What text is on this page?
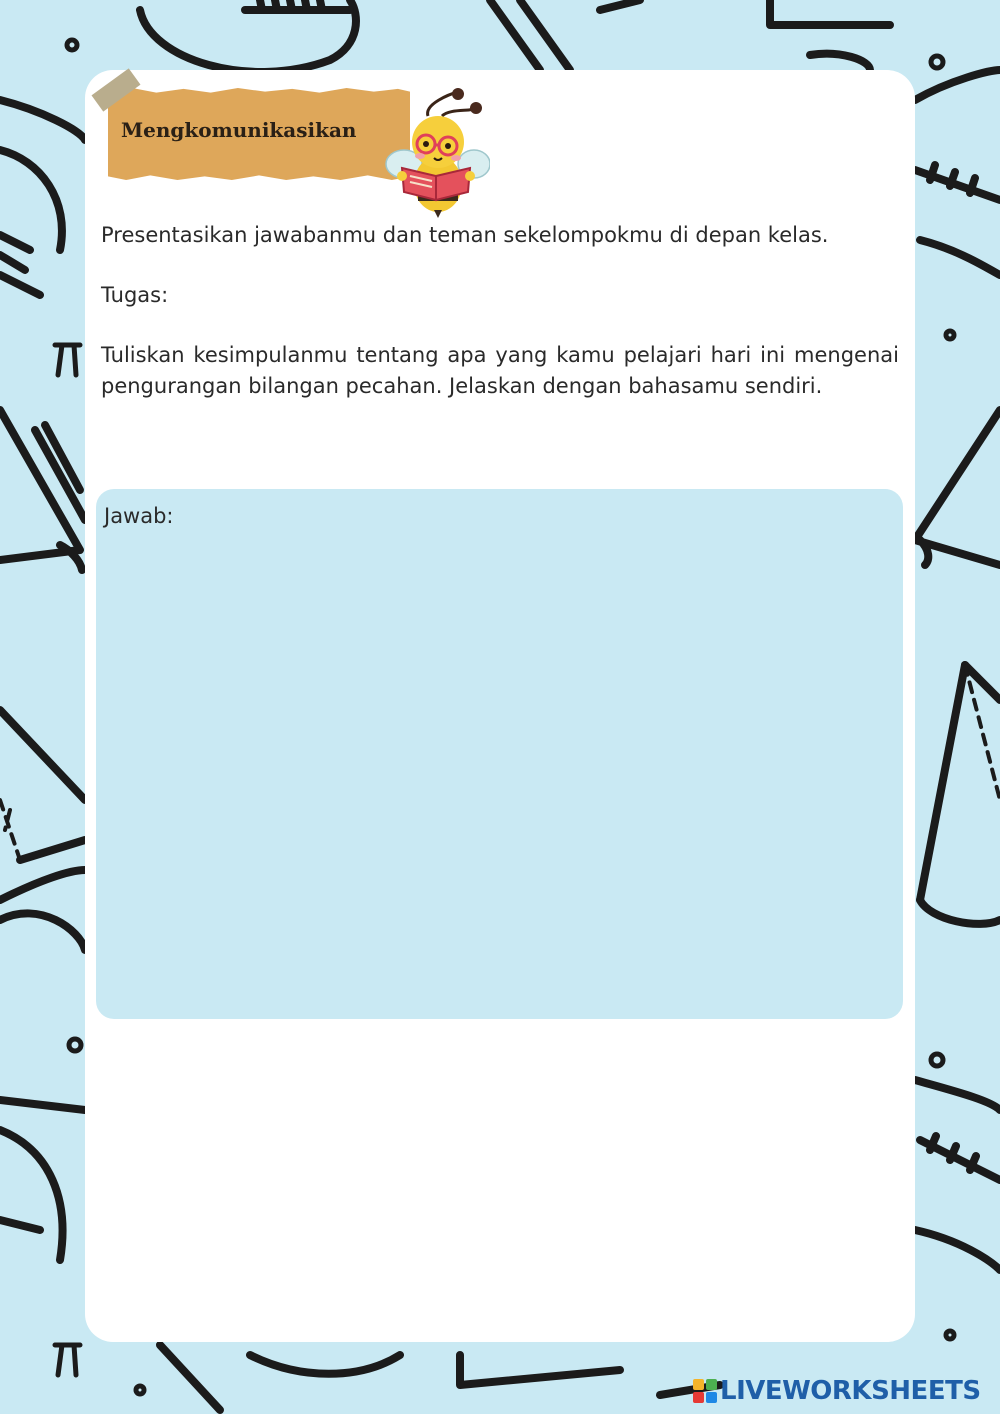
Mengkomunikasikan
Presentasikan jawabanmu dan teman sekelompokmu di depan kelas.
Tugas:
Tuliskan kesimpulanmu tentang apa yang kamu pelajari hari ini mengenai pengurangan bilangan pecahan. Jelaskan dengan bahasamu sendiri.
Jawab:
LIVEWORKSHEETS
